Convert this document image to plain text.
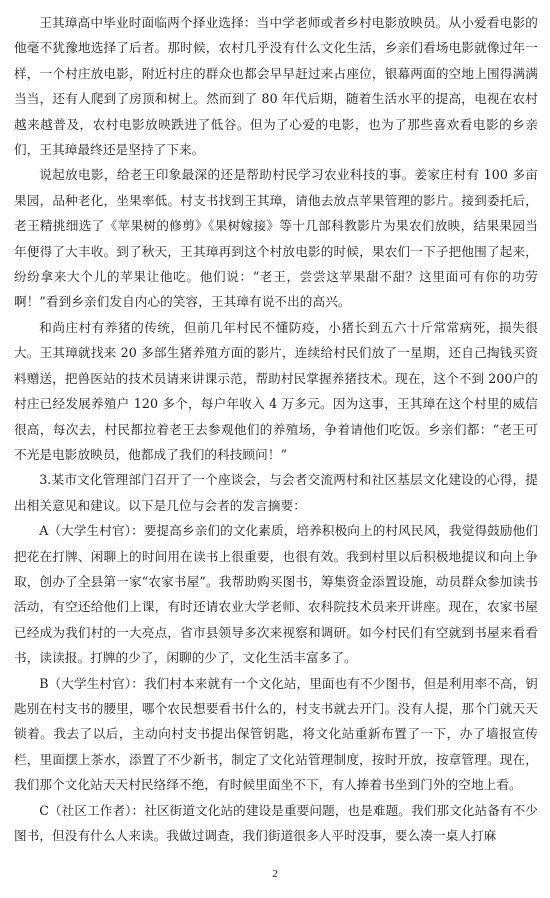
王其璋高中毕业时面临两个择业选择：当中学老师或者乡村电影放映员。从小爱看电影的他毫不犹豫地选择了后者。那时候，农村几乎没有什么文化生活，乡亲们看场电影就像过年一样，一个村庄放电影，附近村庄的群众也都会早早赶过来占座位，银幕两面的空地上围得满满当当，还有人爬到了房顶和树上。然而到了 80 年代后期，随着生活水平的提高，电视在农村越来越普及，农村电影放映跌进了低谷。但为了心爱的电影，也为了那些喜欢看电影的乡亲们，王其璋最终还是坚持了下来。

说起放电影，给老王印象最深的还是帮助村民学习农业科技的事。姜家庄村有 100 多亩果园，品种老化，坐果率低。村支书找到王其璋，请他去放点苹果管理的影片。接到委托后，老王精挑细选了《苹果树的修剪》《果树嫁接》等十几部科教影片为果农们放映，结果果园当年便得了大丰收。到了秋天，王其璋再到这个村放电影的时候，果农们一下子把他围了起来，纷纷拿来大个儿的苹果让他吃。他们说：“老王，尝尝这苹果甜不甜？这里面可有你的功劳啊！”看到乡亲们发自内心的笑容，王其璋有说不出的高兴。

和尚庄村有养猪的传统，但前几年村民不懂防疫，小猪长到五六十斤常常病死，损失很大。王其璋就找来 20 多部生猪养殖方面的影片，连续给村民们放了一星期，还自己掏钱买资料赠送，把兽医站的技术员请来讲课示范，帮助村民掌握养猪技术。现在，这个不到 200户的村庄已经发展养殖户 120 多个，每户年收入 4 万多元。因为这事，王其璋在这个村里的威信很高，每次去，村民都拉着老王去参观他们的养殖场，争着请他们吃饭。乡亲们都：“老王可不光是电影放映员，他都成了我们的科技顾问！”

3.某市文化管理部门召开了一个座谈会，与会者交流两村和社区基层文化建设的心得，提出相关意见和建议。以下是几位与会者的发言摘要：

A（大学生村官）：要提高乡亲们的文化素质，培养积极向上的村风民风，我觉得鼓励他们把花在打牌、闲聊上的时间用在读书上很重要，也很有效。我到村里以后积极地提议和向上争取，创办了全县第一家“农家书屋”。我帮助购买图书，筹集资金添置设施，动员群众参加读书活动，有空还给他们上课，有时还请农业大学老师、农科院技术员来开讲座。现在，农家书屋已经成为我们村的一大亮点，省市县领导多次来视察和调研。如今村民们有空就到书屋来看看书，读读报。打牌的少了，闲聊的少了，文化生活丰富多了。

B（大学生村官）：我们村本来就有一个文化站，里面也有不少图书，但是利用率不高，钥匙别在村支书的腰里，哪个农民想要看书什么的，村支书就去开门。没有人提，那个门就天天锁着。我去了以后，主动向村支书提出保管钥匙，将文化站重新布置了一下，办了墙报宣传栏，里面摆上茶水，添置了不少新书，制定了文化站管理制度，按时开放，按章管理。现在，我们那个文化站天天村民络绎不绝，有时候里面坐不下，有人捧着书坐到门外的空地上看。

C（社区工作者）：社区街道文化站的建设是重要问题，也是难题。我们那文化站备有不少图书，但没有什么人来读。我做过调查，我们街道很多人平时没事，要么凑一桌人打麻

2
